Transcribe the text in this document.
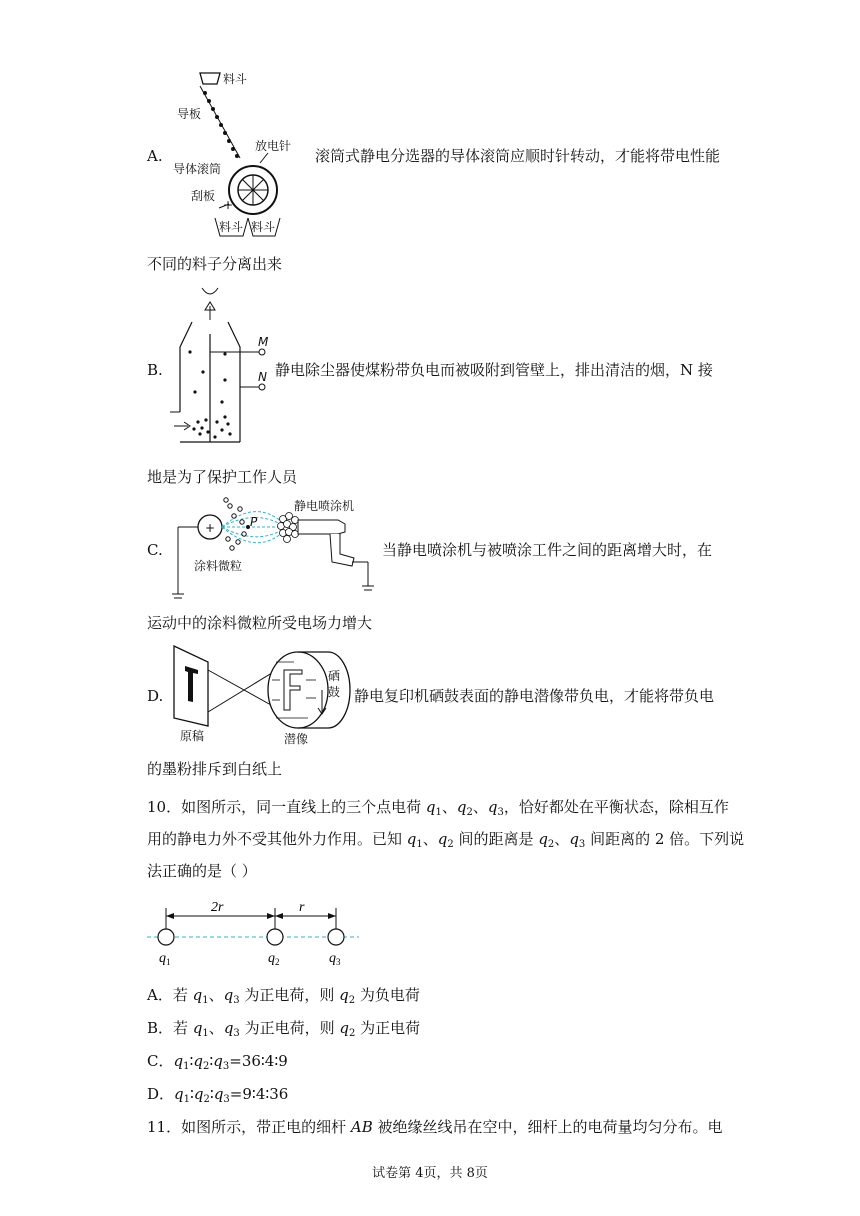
A.
料斗
导板
放电针
导体滚筒
刮板
+
料斗 料斗
滚筒式静电分选器的导体滚筒应顺时针转动，才能将带电性能
不同的料子分离出来
B.
M
N 静电除尘器使煤粉带负电而被吸附到管壁上，排出清洁的烟，N 接
地是为了保护工作人员
C.
+	P
静电喷涂机
涂料微粒
当静电喷涂机与被喷涂工件之间的距离增大时，在
运动中的涂料微粒所受电场力增大
D.
硒
鼓
原稿	潜像
静电复印机硒鼓表面的静电潜像带负电，才能将带负电
的墨粉排斥到白纸上
10．如图所示，同一直线上的三个点电荷 $q_1$、$q_2$、$q_3$，恰好都处在平衡状态，除相互作
用的静电力外不受其他外力作用。已知 $q_1$、$q_2$ 间的距离是 $q_2$、$q_3$ 间距离的 2 倍。下列说
法正确的是（ ）
2r	r
$q_1$	$q_2$	$q_3$
A．若 $q_1$、$q_3$ 为正电荷，则 $q_2$ 为负电荷
B．若 $q_1$、$q_3$ 为正电荷，则 $q_2$ 为正电荷
C．$q_1∶q_2∶q_3=36∶4∶9$
D．$q_1∶q_2∶q_3=9∶4∶36$
11．如图所示，带正电的细杆 AB 被绝缘丝线吊在空中，细杆上的电荷量均匀分布。电
试卷第 4页，共 8页
